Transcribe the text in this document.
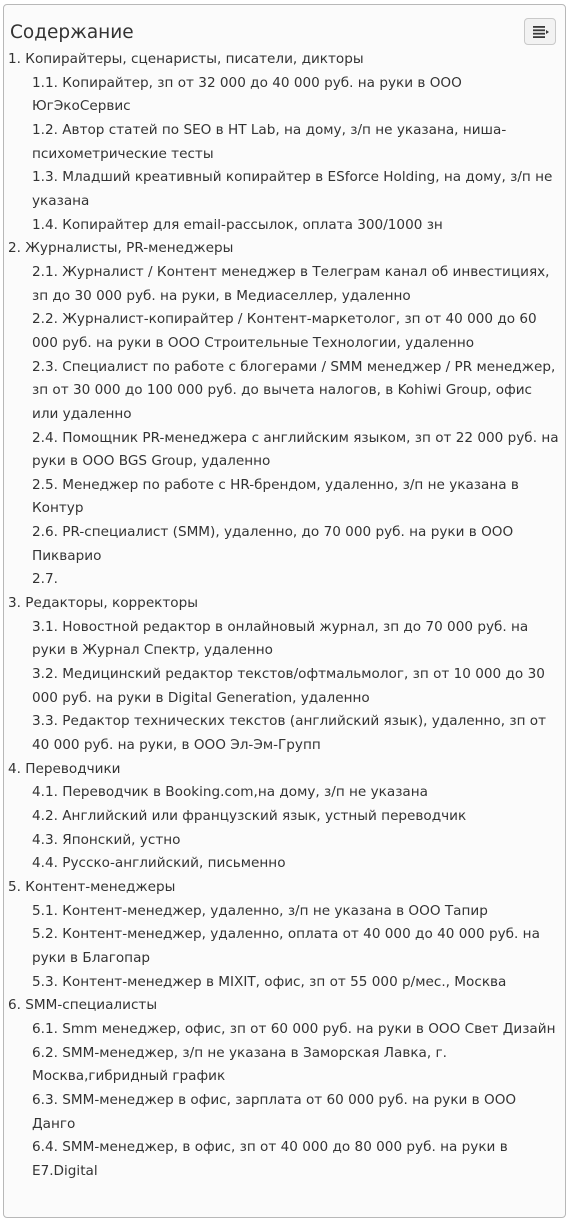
Содержание
1. Копирайтеры, сценаристы, писатели, дикторы
1.1. Копирайтер, зп от 32 000 до 40 000 руб. на руки в ООО ЮгЭкоСервис
1.2. Автор статей по SEO в HT Lab, на дому, з/п не указана, ниша-психометрические тесты
1.3. Младший креативный копирайтер в ESforce Holding, на дому, з/п не указана
1.4. Копирайтер для email-рассылок, оплата 300/1000 зн
2. Журналисты, PR-менеджеры
2.1. Журналист / Контент менеджер в Телеграм канал об инвестициях, зп до 30 000 руб. на руки, в Медиаселлер, удаленно
2.2. Журналист-копирайтер / Контент-маркетолог, зп от 40 000 до 60 000 руб. на руки в ООО Строительные Технологии, удаленно
2.3. Специалист по работе с блогерами / SMM менеджер / PR менеджер, зп от 30 000 до 100 000 руб. до вычета налогов, в Kohiwi Group, офис или удаленно
2.4. Помощник PR-менеджера с английским языком, зп от 22 000 руб. на руки в ООО BGS Group, удаленно
2.5. Менеджер по работе с HR-брендом, удаленно, з/п не указана в Контур
2.6. PR-специалист (SMM), удаленно, до 70 000 руб. на руки в ООО Пикварио
2.7.
3. Редакторы, корректоры
3.1. Новостной редактор в онлайновый журнал, зп до 70 000 руб. на руки в Журнал Спектр, удаленно
3.2. Медицинский редактор текстов/офтмальмолог, зп от 10 000 до 30 000 руб. на руки в Digital Generation, удаленно
3.3. Редактор технических текстов (английский язык), удаленно, зп от 40 000 руб. на руки, в ООО Эл-Эм-Групп
4. Переводчики
4.1. Переводчик в Booking.com,на дому, з/п не указана
4.2. Английский или французский язык, устный переводчик
4.3. Японский, устно
4.4. Русско-английский, письменно
5. Контент-менеджеры
5.1. Контент-менеджер, удаленно, з/п не указана в ООО Тапир
5.2. Контент-менеджер, удаленно, оплата от 40 000 до 40 000 руб. на руки в Благопар
5.3. Контент-менеджер в MIXIT, офис, зп от 55 000 р/мес., Москва
6. SMM-специалисты
6.1. Smm менеджер, офис, зп от 60 000 руб. на руки в ООО Свет Дизайн
6.2. SMM-менеджер, з/п не указана в Заморская Лавка, г. Москва,гибридный график
6.3. SMM-менеджер в офис, зарплата от 60 000 руб. на руки в ООО Данго
6.4. SMM-менеджер, в офис, зп от 40 000 до 80 000 руб. на руки в E7.Digital
